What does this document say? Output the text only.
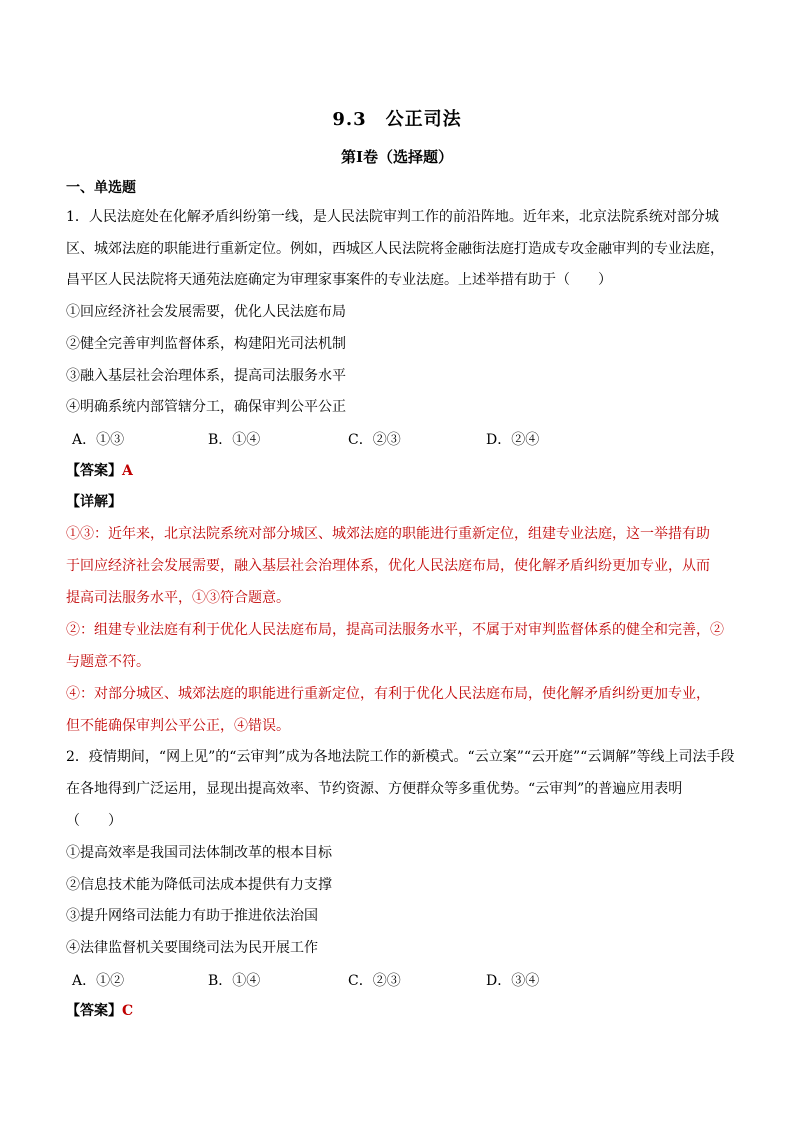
9.3　公正司法
第Ⅰ卷（选择题）
一、单选题
1．人民法庭处在化解矛盾纠纷第一线，是人民法院审判工作的前沿阵地。近年来，北京法院系统对部分城
区、城郊法庭的职能进行重新定位。例如，西城区人民法院将金融街法庭打造成专攻金融审判的专业法庭，
昌平区人民法院将天通苑法庭确定为审理家事案件的专业法庭。上述举措有助于（　　）
①回应经济社会发展需要，优化人民法庭布局
②健全完善审判监督体系，构建阳光司法机制
③融入基层社会治理体系，提高司法服务水平
④明确系统内部管辖分工，确保审判公平公正
A．①③	B．①④	C．②③	D．②④
【答案】A
【详解】
①③：近年来，北京法院系统对部分城区、城郊法庭的职能进行重新定位，组建专业法庭，这一举措有助
于回应经济社会发展需要，融入基层社会治理体系，优化人民法庭布局，使化解矛盾纠纷更加专业，从而
提高司法服务水平，①③符合题意。
②：组建专业法庭有利于优化人民法庭布局，提高司法服务水平，不属于对审判监督体系的健全和完善，②
与题意不符。
④：对部分城区、城郊法庭的职能进行重新定位，有利于优化人民法庭布局，使化解矛盾纠纷更加专业，
但不能确保审判公平公正，④错误。
2．疫情期间，“网上见”的“云审判”成为各地法院工作的新模式。“云立案”“云开庭”“云调解”等线上司法手段
在各地得到广泛运用，显现出提高效率、节约资源、方便群众等多重优势。“云审判”的普遍应用表明
（　　）
①提高效率是我国司法体制改革的根本目标
②信息技术能为降低司法成本提供有力支撑
③提升网络司法能力有助于推进依法治国
④法律监督机关要围绕司法为民开展工作
A．①②	B．①④	C．②③	D．③④
【答案】C
